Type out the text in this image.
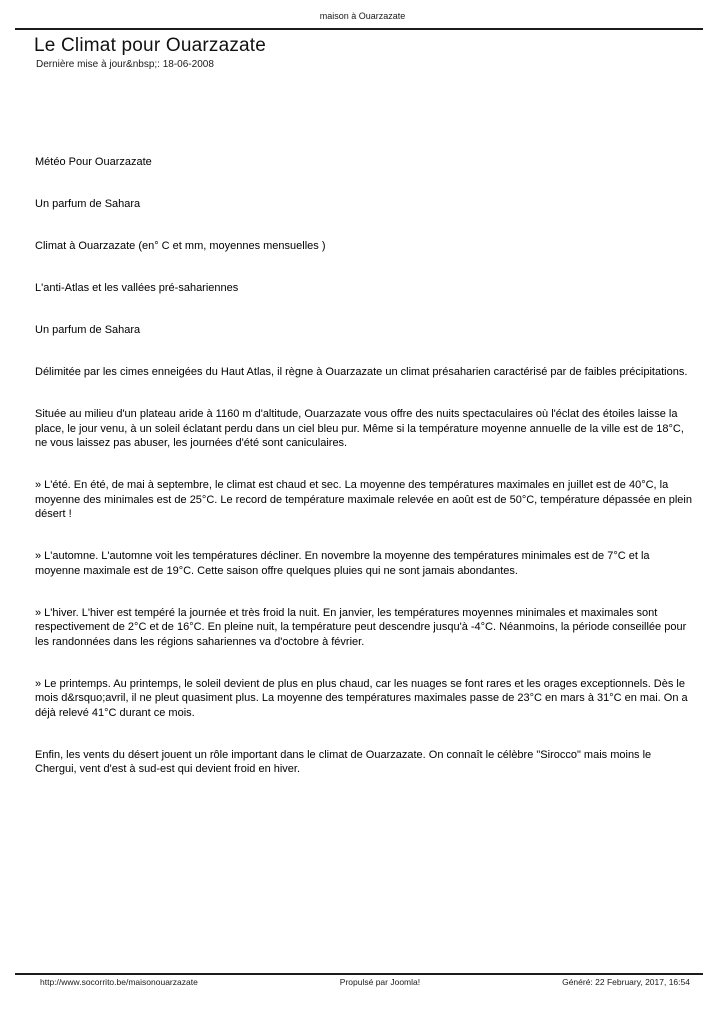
maison à Ouarzazate
Le Climat pour Ouarzazate
Dernière mise à jour&nbsp;: 18-06-2008

Météo Pour Ouarzazate

Un parfum de Sahara

Climat à Ouarzazate (en° C et mm, moyennes mensuelles )

L'anti-Atlas et les vallées pré-sahariennes

Un parfum de Sahara

Délimitée par les cimes enneigées du Haut Atlas, il règne à Ouarzazate un climat présaharien caractérisé par de faibles précipitations.

Située au milieu d'un plateau aride à 1160 m d'altitude, Ouarzazate vous offre des nuits spectaculaires où l'éclat des étoiles laisse la place, le jour venu, à un soleil éclatant perdu dans un ciel bleu pur. Même si la température moyenne annuelle de la ville est de 18°C, ne vous laissez pas abuser, les journées d'été sont caniculaires.

» L'été. En été, de mai à septembre, le climat est chaud et sec. La moyenne des températures maximales en juillet est de 40°C, la moyenne des minimales est de 25°C. Le record de température maximale relevée en août est de 50°C, température dépassée en plein désert !

» L'automne. L'automne voit les températures décliner. En novembre la moyenne des températures minimales est de 7°C et la moyenne maximale est de 19°C. Cette saison offre quelques pluies qui ne sont jamais abondantes.

» L'hiver. L'hiver est tempéré la journée et très froid la nuit. En janvier, les températures moyennes minimales et maximales sont respectivement de 2°C et de 16°C. En pleine nuit, la température peut descendre jusqu'à -4°C. Néanmoins, la période conseillée pour les randonnées dans les régions sahariennes va d'octobre à février.

» Le printemps. Au printemps, le soleil devient de plus en plus chaud, car les nuages se font rares et les orages exceptionnels. Dès le mois d&rsquo;avril, il ne pleut quasiment plus. La moyenne des températures maximales passe de 23°C en mars à 31°C en mai. On a déjà relevé 41°C durant ce mois.

Enfin, les vents du désert jouent un rôle important dans le climat de Ouarzazate. On connaît le célèbre "Sirocco" mais moins le Chergui, vent d'est à sud-est qui devient froid en hiver.

http://www.socorrito.be/maisonouarzazate	Propulsé par Joomla!	Généré: 22 February, 2017, 16:54
